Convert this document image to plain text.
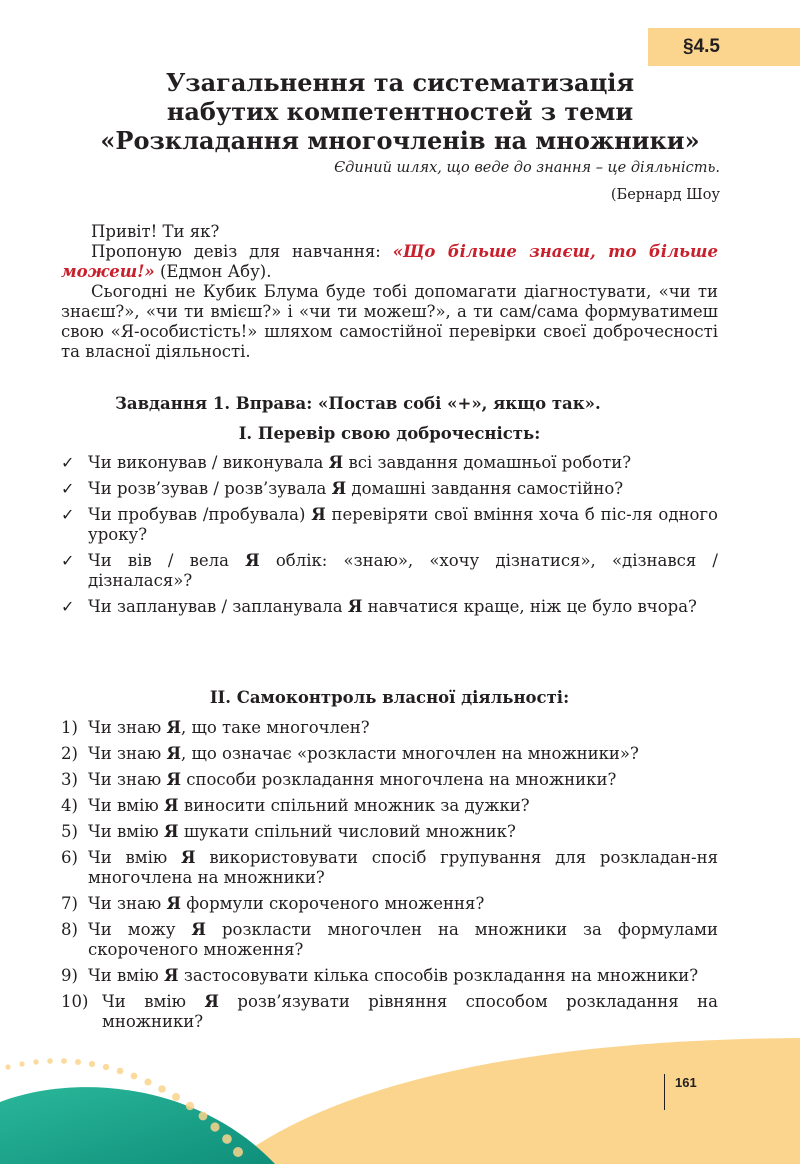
§4.5
Узагальнення та систематизація
набутих компетентностей з теми
«Розкладання многочленів на множники»
Єдиний шлях, що веде до знання – це діяльність.
(Бернард Шоу

Привіт! Ти як?

Пропоную девіз для навчання: «Що більше знаєш, то більше можеш!» (Едмон Абу).

Сьогодні не Кубик Блума буде тобі допомагати діагностувати, «чи ти знаєш?», «чи ти вмієш?» і «чи ти можеш?», а ти сам/сама формуватимеш свою «Я-особистість!» шляхом самостійної перевірки своєї доброчесності та власної діяльності.

Завдання 1. Вправа: «Постав собі «+», якщо так».
І. Перевір свою доброчесність:
✓ Чи виконував / виконувала Я всі завдання домашньої роботи?
✓ Чи розв’зував / розв’зувала Я домашні завдання самостійно?
✓ Чи пробував /пробувала) Я перевіряти свої вміння хоча б піс-ля одного уроку?
✓ Чи вів / вела Я облік: «знаю», «хочу дізнатися», «дізнався / дізналася»?
✓ Чи запланував / запланувала Я навчатися краще, ніж це було вчора?
ІІ. Самоконтроль власної діяльності:
1) Чи знаю Я, що таке многочлен?
2) Чи знаю Я, що означає «розкласти многочлен на множники»?
3) Чи знаю Я способи розкладання многочлена на множники?
4) Чи вмію Я виносити спільний множник за дужки?
5) Чи вмію Я шукати спільний числовий множник?
6) Чи вмію Я використовувати спосіб групування для розкладан-ня многочлена на множники?
7) Чи знаю Я формули скороченого множення?
8) Чи можу Я розкласти многочлен на множники за формулами скороченого множення?
9) Чи вмію Я застосовувати кілька способів розкладання на множники?
10) Чи вмію Я розв’язувати рівняння способом розкладання на множники?
161
